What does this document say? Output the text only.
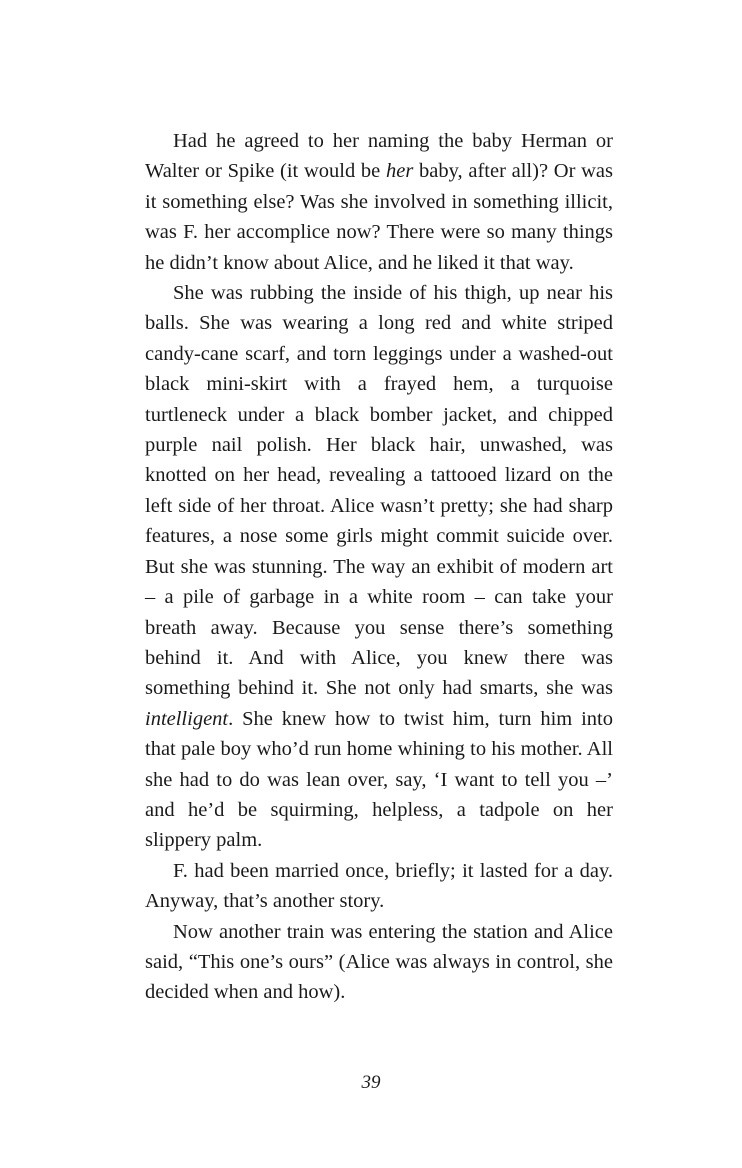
Had he agreed to her naming the baby Herman or Walter or Spike (it would be her baby, after all)? Or was it something else? Was she involved in something illicit, was F. her accomplice now? There were so many things he didn’t know about Alice, and he liked it that way.

She was rubbing the inside of his thigh, up near his balls. She was wearing a long red and white striped candy-cane scarf, and torn leggings under a washed-out black mini-skirt with a frayed hem, a turquoise turtleneck under a black bomber jacket, and chipped purple nail polish. Her black hair, unwashed, was knotted on her head, revealing a tattooed lizard on the left side of her throat. Alice wasn’t pretty; she had sharp features, a nose some girls might commit suicide over. But she was stunning. The way an exhibit of modern art – a pile of garbage in a white room – can take your breath away. Because you sense there’s something behind it. And with Alice, you knew there was something behind it. She not only had smarts, she was intelligent. She knew how to twist him, turn him into that pale boy who’d run home whining to his mother. All she had to do was lean over, say, ‘I want to tell you –’ and he’d be squirming, helpless, a tadpole on her slippery palm.

F. had been married once, briefly; it lasted for a day. Anyway, that’s another story.

Now another train was entering the station and Alice said, “This one’s ours” (Alice was always in control, she decided when and how).

39
